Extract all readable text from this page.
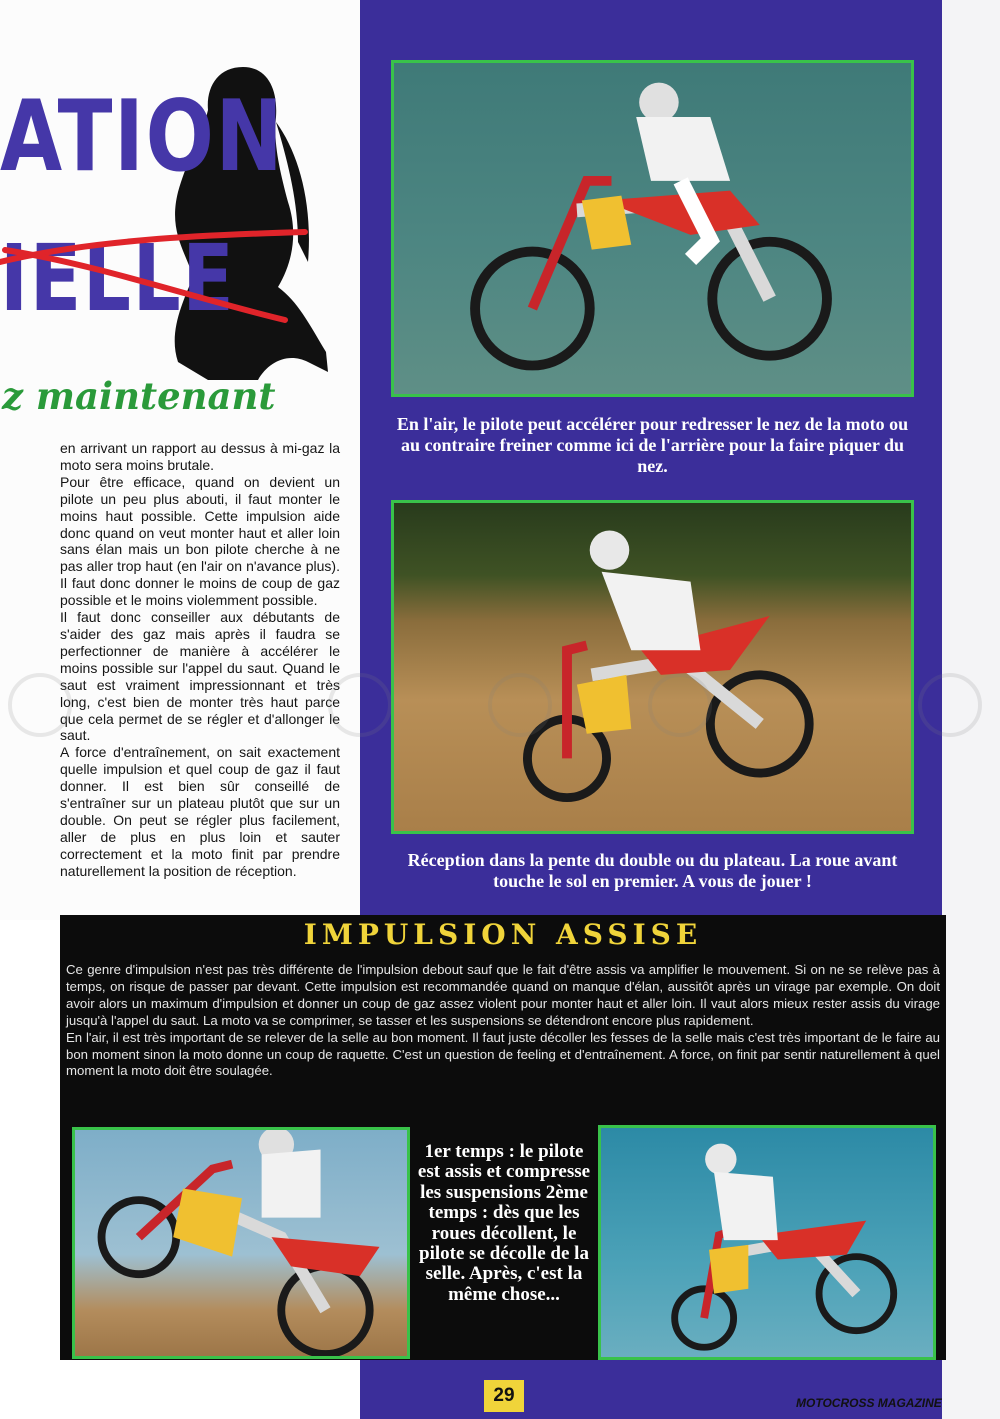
ATION
IELLE
z maintenant

en arrivant un rapport au dessus à mi-gaz la moto sera moins brutale.

Pour être efficace, quand on devient un pilote un peu plus abouti, il faut monter le moins haut possible. Cette impulsion aide donc quand on veut monter haut et aller loin sans élan mais un bon pilote cherche à ne pas aller trop haut (en l'air on n'avance plus). Il faut donc donner le moins de coup de gaz possible et le moins violemment possible.

Il faut donc conseiller aux débutants de s'aider des gaz mais après il faudra se perfectionner de manière à accélérer le moins possible sur l'appel du saut. Quand le saut est vraiment impressionnant et très long, c'est bien de monter très haut parce que cela permet de se régler et d'allonger le saut.

A force d'entraînement, on sait exactement quelle impulsion et quel coup de gaz il faut donner. Il est bien sûr conseillé de s'entraîner sur un plateau plutôt que sur un double. On peut se régler plus facilement, aller de plus en plus loin et sauter correctement et la moto finit par prendre naturellement la position de réception.

En l'air, le pilote peut accélérer pour redresser le nez de la moto ou au contraire freiner comme ici de l'arrière pour la faire piquer du nez.
Réception dans la pente du double ou du plateau. La roue avant touche le sol en premier. A vous de jouer !
IMPULSION ASSISE

Ce genre d'impulsion n'est pas très différente de l'impulsion debout sauf que le fait d'être assis va amplifier le mouvement. Si on ne se relève pas à temps, on risque de passer par devant. Cette impulsion est recommandée quand on manque d'élan, aussitôt après un virage par exemple. On doit avoir alors un maximum d'impulsion et donner un coup de gaz assez violent pour monter haut et aller loin. Il vaut alors mieux rester assis du virage jusqu'à l'appel du saut. La moto va se comprimer, se tasser et les suspensions se détendront encore plus rapidement.

En l'air, il est très important de se relever de la selle au bon moment. Il faut juste décoller les fesses de la selle mais c'est très important de le faire au bon moment sinon la moto donne un coup de raquette. C'est un question de feeling et d'entraînement. A force, on finit par sentir naturellement à quel moment la moto doit être soulagée.

1er temps : le pilote est assis et compresse les suspensions 2ème temps : dès que les roues décollent, le pilote se décolle de la selle. Après, c'est la même chose...
29	MOTOCROSS MAGAZINE
